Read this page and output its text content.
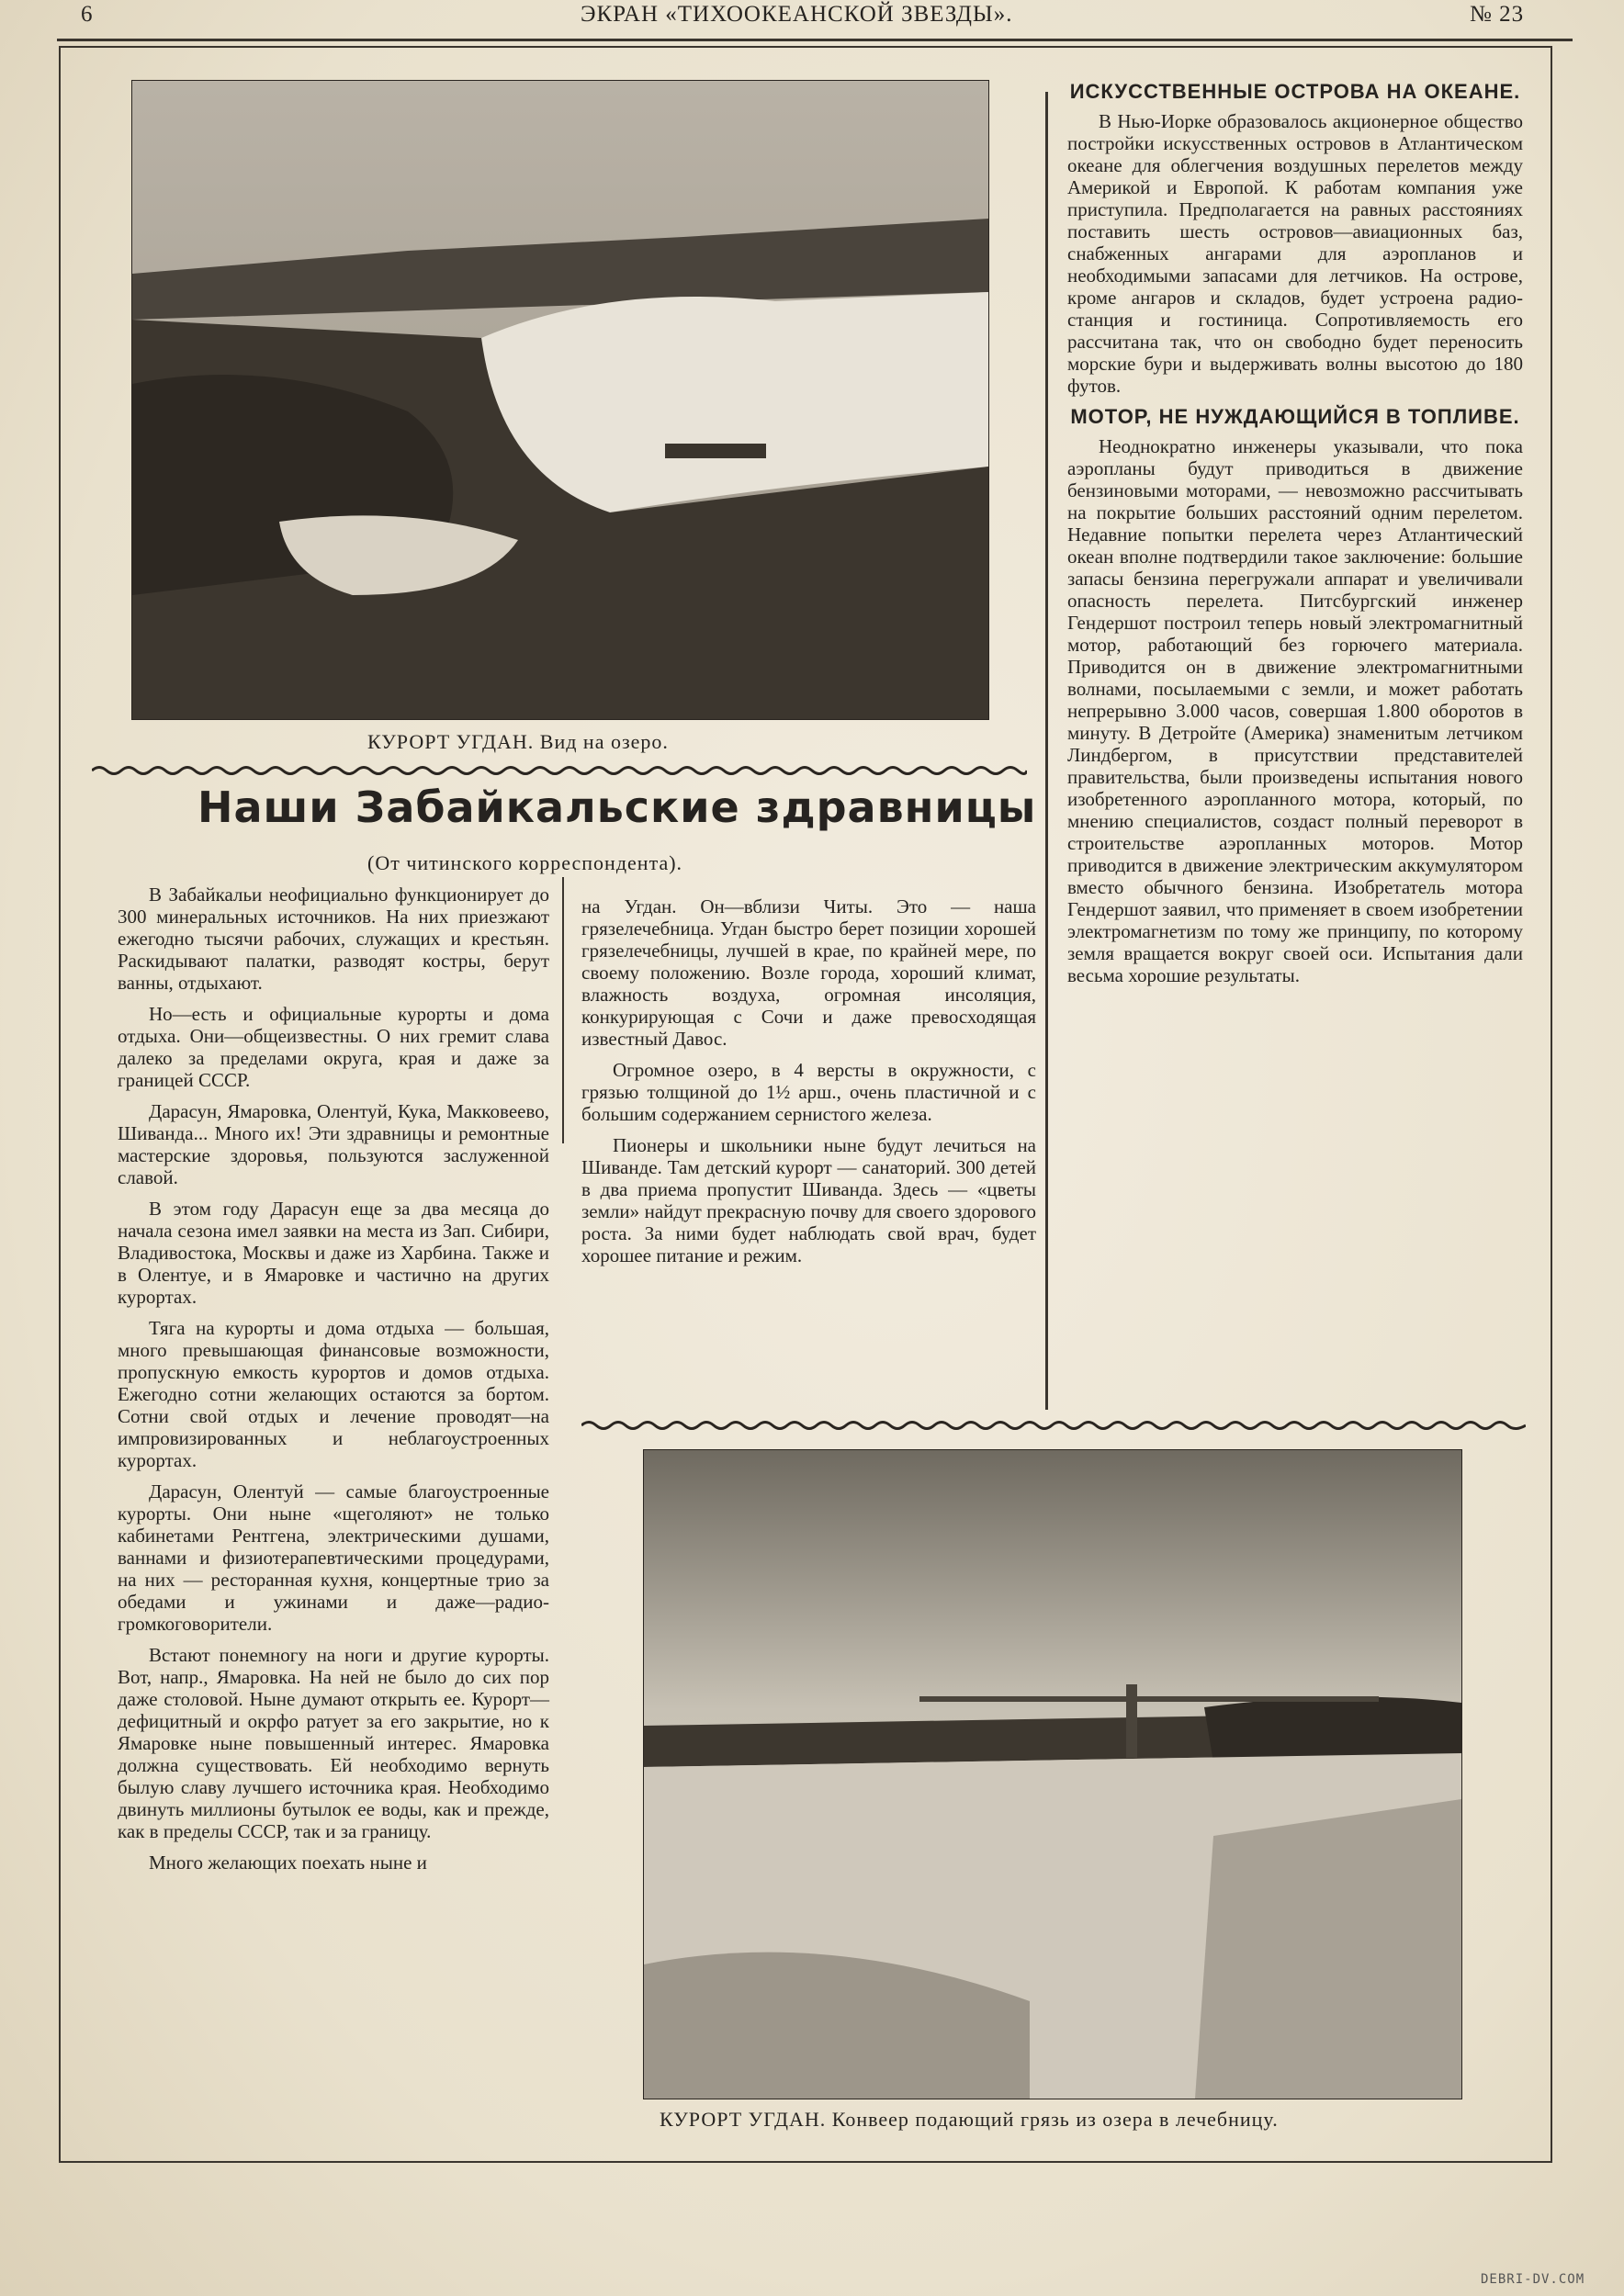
6	ЭКРАН «ТИХООКЕАНСКОЙ ЗВЕЗДЫ».	№ 23
КУРОРТ УГДАН. Вид на озеро.
Наши Забайкальские здравницы
(От читинского корреспондента).

В Забайкальи неофициально функционирует до 300 минеральных источников. На них приезжают ежегодно тысячи рабочих, служащих и крестьян. Раскидывают палатки, разводят костры, берут ванны, отдыхают.

Но—есть и официальные курорты и дома отдыха. Они—общеизвестны. О них гремит слава далеко за пределами округа, края и даже за границей СССР.

Дарасун, Ямаровка, Олентуй, Кука, Макковеево, Шиванда... Много их! Эти здравницы и ремонтные мастерские здоровья, пользуются заслуженной славой.

В этом году Дарасун еще за два месяца до начала сезона имел заявки на места из Зап. Сибири, Владивостока, Москвы и даже из Харбина. Также и в Олентуе, и в Ямаровке и частично на других курортах.

Тяга на курорты и дома отдыха — большая, много превышающая финансовые возможности, пропускную емкость курортов и домов отдыха. Ежегодно сотни желающих остаются за бортом. Сотни свой отдых и лечение проводят—на импровизированных и неблагоустроенных курортах.

Дарасун, Олентуй — самые благоустроенные курорты. Они ныне «щеголяют» не только кабинетами Рентгена, электрическими душами, ваннами и физиотерапевтическими процедурами, на них — ресторанная кухня, концертные трио за обедами и ужинами и даже—радио-громкоговорители.

Встают понемногу на ноги и другие курорты. Вот, напр., Ямаровка. На ней не было до сих пор даже столовой. Ныне думают открыть ее. Курорт—дефицитный и окрфо ратует за его закрытие, но к Ямаровке ныне повышенный интерес. Ямаровка должна существовать. Ей необходимо вернуть былую славу лучшего источника края. Необходимо двинуть миллионы бутылок ее воды, как и прежде, как в пределы СССР, так и за границу.

Много желающих поехать ныне и

на Угдан. Он—вблизи Читы. Это — наша грязелечебница. Угдан быстро берет позиции хорошей грязелечебницы, лучшей в крае, по крайней мере, по своему положению. Возле города, хороший климат, влажность воздуха, огромная инсоляция, конкурирующая с Сочи и даже превосходящая известный Давос.

Огромное озеро, в 4 версты в окружности, с грязью толщиной до 1½ арш., очень пластичной и с большим содержанием сернистого железа.

Пионеры и школьники ныне будут лечиться на Шиванде. Там детский курорт — санаторий. 300 детей в два приема пропустит Шиванда. Здесь — «цветы земли» найдут прекрасную почву для своего здорового роста. За ними будет наблюдать свой врач, будет хорошее питание и режим.

ИСКУССТВЕННЫЕ ОСТРОВА НА ОКЕАНЕ.

В Нью-Иорке образовалось акционерное общество постройки искусственных островов в Атлантическом океане для облегчения воздушных перелетов между Америкой и Европой. К работам компания уже приступила. Предполагается на равных расстояниях поставить шесть островов—авиационных баз, снабженных ангарами для аэропланов и необходимыми запасами для летчиков. На острове, кроме ангаров и складов, будет устроена радио-станция и гостиница. Сопротивляемость его рассчитана так, что он свободно будет переносить морские бури и выдерживать волны высотою до 180 футов.

МОТОР, НЕ НУЖДАЮЩИЙСЯ В ТОПЛИВЕ.

Неоднократно инженеры указывали, что пока аэропланы будут приводиться в движение бензиновыми моторами, — невозможно рассчитывать на покрытие больших расстояний одним перелетом. Недавние попытки перелета через Атлантический океан вполне подтвердили такое заключение: большие запасы бензина перегружали аппарат и увеличивали опасность перелета. Питсбургский инженер Гендершот построил теперь новый электромагнитный мотор, работающий без горючего материала. Приводится он в движение электромагнитными волнами, посылаемыми с земли, и может работать непрерывно 3.000 часов, совершая 1.800 оборотов в минуту. В Детройте (Америка) знаменитым летчиком Линдбергом, в присутствии представителей правительства, были произведены испытания нового изобретенного аэропланного мотора, который, по мнению специалистов, создаст полный переворот в строительстве аэропланных моторов. Мотор приводится в движение электрическим аккумулятором вместо обычного бензина. Изобретатель мотора Гендершот заявил, что применяет в своем изобретении электромагнетизм по тому же принципу, по которому земля вращается вокруг своей оси. Испытания дали весьма хорошие результаты.

КУРОРТ УГДАН. Конвеер подающий грязь из озера в лечебницу.
DEBRI-DV.COM
